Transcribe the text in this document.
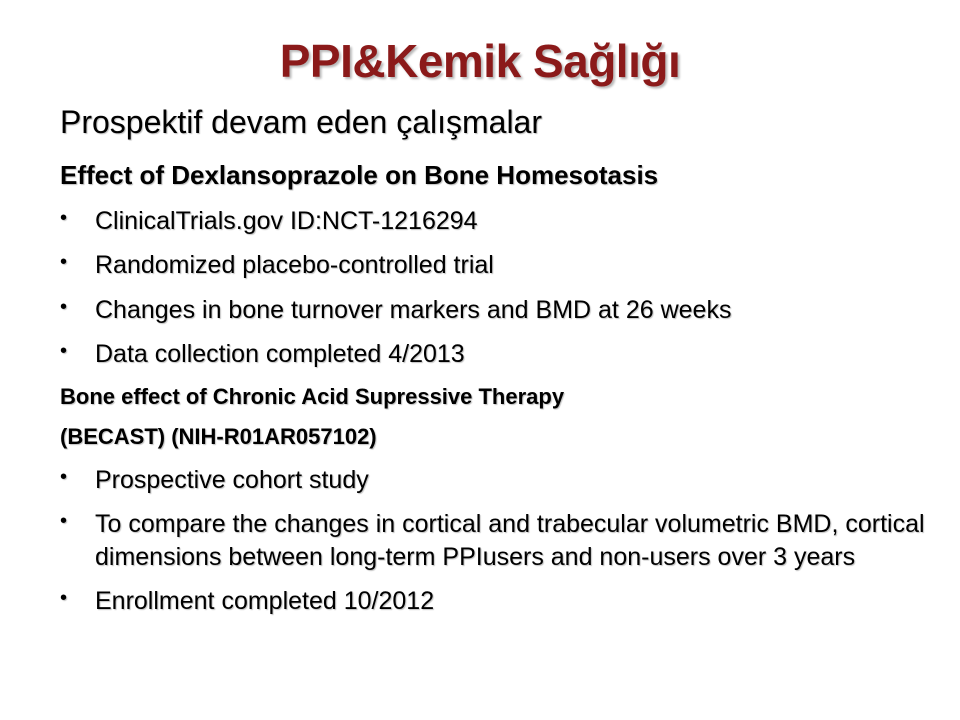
PPI&Kemik Sağlığı
Prospektif devam eden çalışmalar
Effect of Dexlansoprazole on Bone Homesotasis
• ClinicalTrials.gov ID:NCT-1216294
• Randomized placebo-controlled trial
• Changes in bone turnover markers and BMD at 26 weeks
• Data collection completed 4/2013
Bone effect of Chronic Acid Supressive Therapy
(BECAST) (NIH-R01AR057102)
• Prospective cohort study
• To compare the changes in cortical and trabecular volumetric BMD, cortical dimensions between long-term PPIusers and non-users over 3 years
• Enrollment completed 10/2012
